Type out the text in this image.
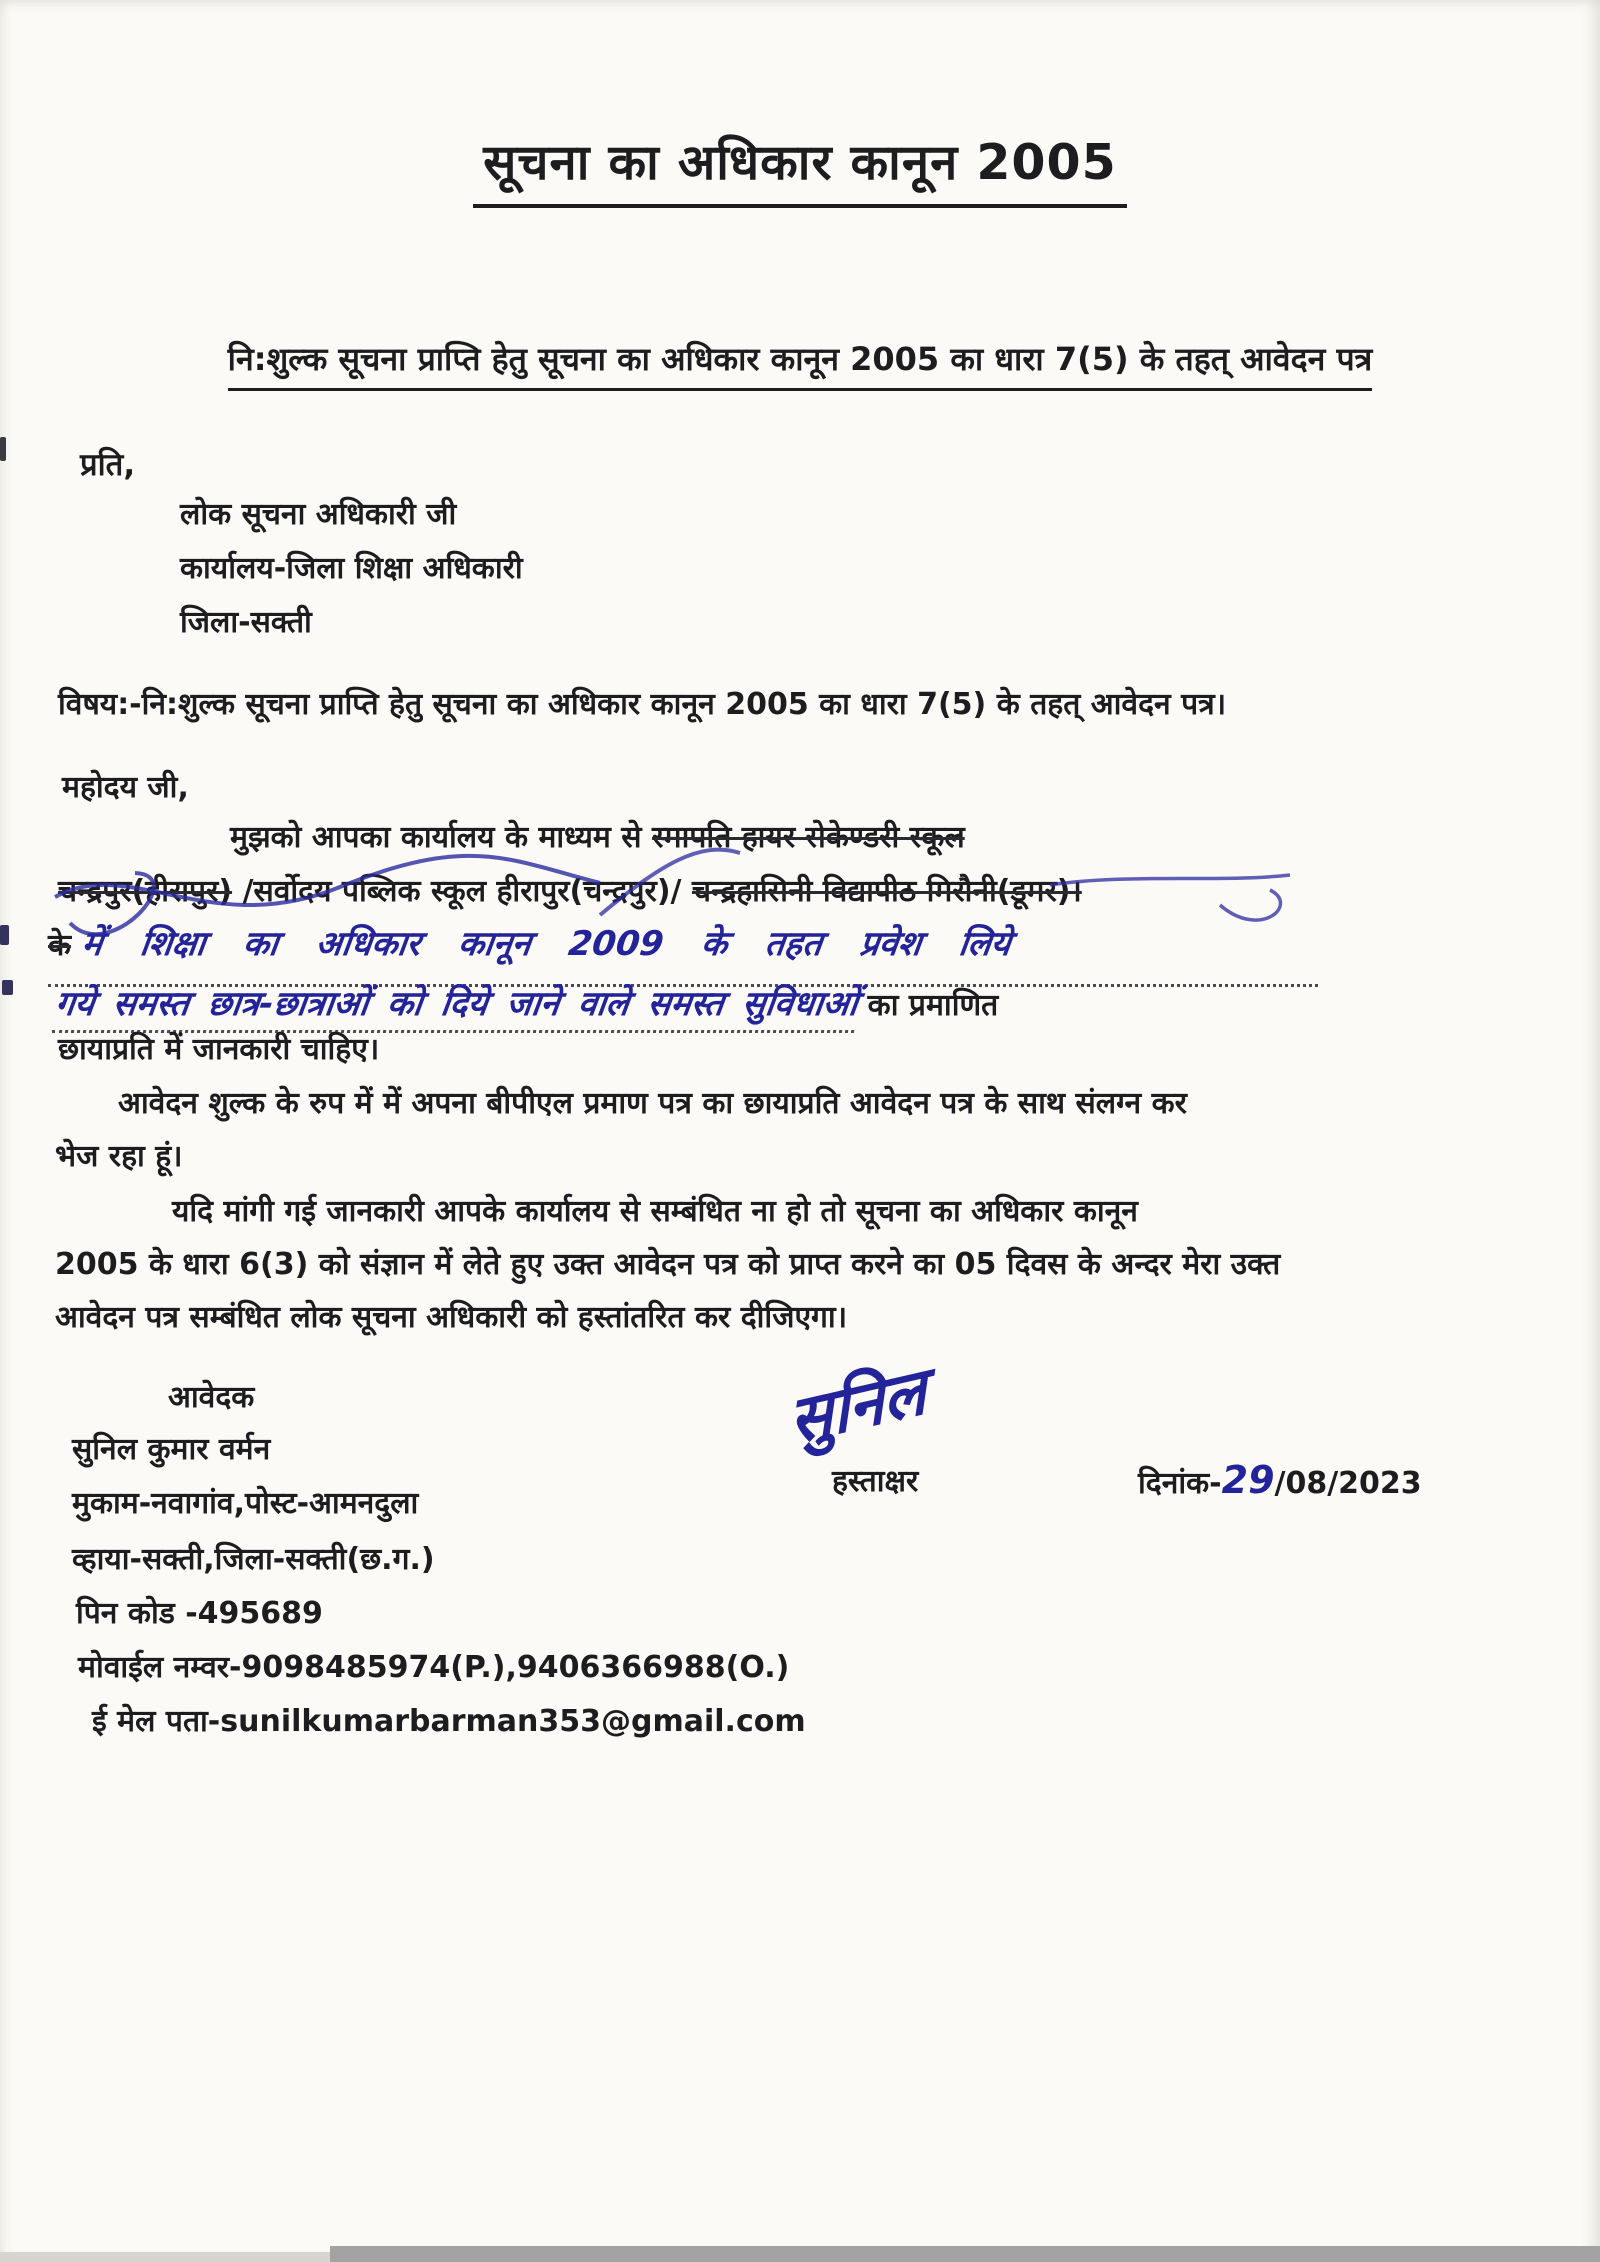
सूचना का अधिकार कानून 2005
नि:शुल्क सूचना प्राप्ति हेतु सूचना का अधिकार कानून 2005 का धारा 7(5) के तहत् आवेदन पत्र
प्रति,
लोक सूचना अधिकारी जी
कार्यालय-जिला शिक्षा अधिकारी
जिला-सक्ती
विषय:-नि:शुल्क सूचना प्राप्ति हेतु सूचना का अधिकार कानून 2005 का धारा 7(5) के तहत् आवेदन पत्र।
महोदय जी,
मुझको आपका कार्यालय के माध्यम से स्मापति हायर सेकेण्डरी स्कूल
चन्द्रपुर(हीरापुर) /सर्वोदय पब्लिक स्कूल हीरापुर(चन्द्रपुर)/ चन्द्रहासिनी विद्यापीठ मिरौनी(डूमर)।
के में शिक्षा का अधिकार कानून 2009 के तहत प्रवेश लिये
गये समस्त छात्र-छात्राओं को दिये जाने वाले समस्त सुविधाओं का प्रमाणित
छायाप्रति में जानकारी चाहिए।
आवेदन शुल्क के रुप में में अपना बीपीएल प्रमाण पत्र का छायाप्रति आवेदन पत्र के साथ संलग्न कर
भेज रहा हूं।
यदि मांगी गई जानकारी आपके कार्यालय से सम्बंधित ना हो तो सूचना का अधिकार कानून
2005 के धारा 6(3) को संज्ञान में लेते हुए उक्त आवेदन पत्र को प्राप्त करने का 05 दिवस के अन्दर मेरा उक्त
आवेदन पत्र सम्बंधित लोक सूचना अधिकारी को हस्तांतरित कर दीजिएगा।
आवेदक
सुनिल कुमार वर्मन
मुकाम-नवागांव,पोस्ट-आमनदुला
व्हाया-सक्ती,जिला-सक्ती(छ.ग.)
पिन कोड -495689
मोवाईल नम्वर-9098485974(P.),9406366988(O.)
ई मेल पता-sunilkumarbarman353@gmail.com
सुनिल
हस्ताक्षर	दिनांक-29/08/2023
